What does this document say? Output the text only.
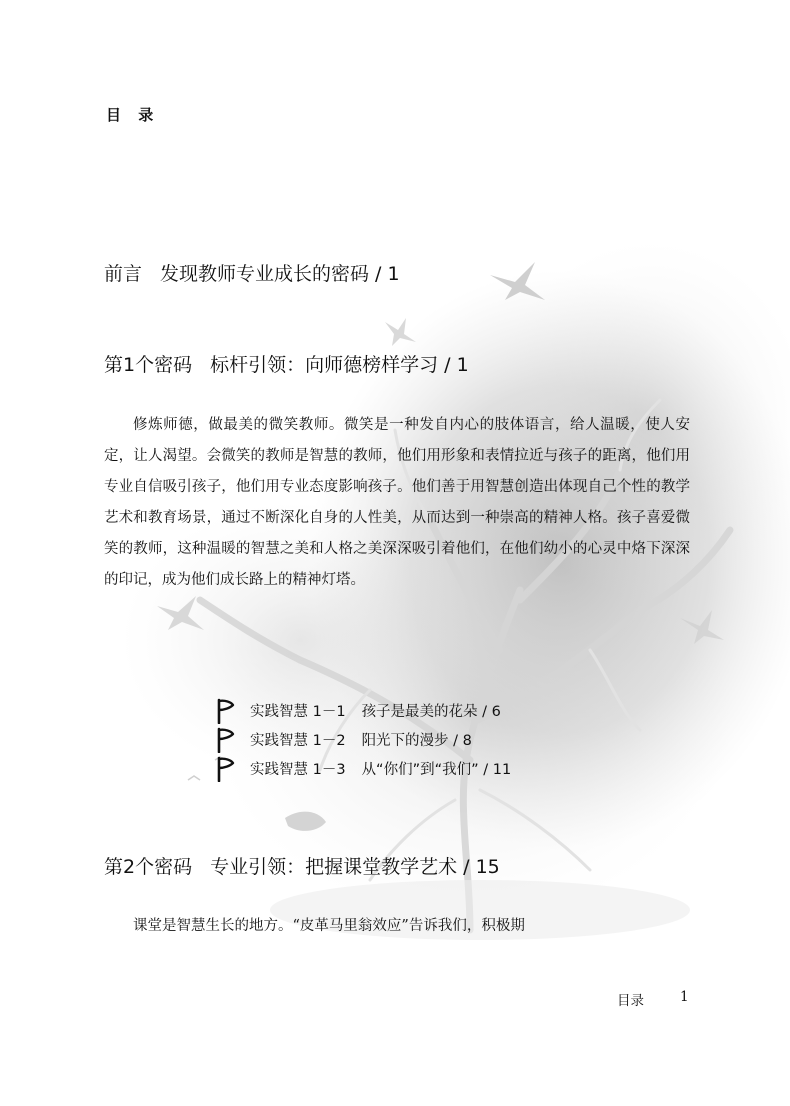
目 录
前言 发现教师专业成长的密码 / 1
第1个密码 标杆引领：向师德榜样学习 / 1

修炼师德，做最美的微笑教师。微笑是一种发自内心的肢体语言，给人温暖，使人安定，让人渴望。会微笑的教师是智慧的教师，他们用形象和表情拉近与孩子的距离，他们用专业自信吸引孩子，他们用专业态度影响孩子。他们善于用智慧创造出体现自己个性的教学艺术和教育场景，通过不断深化自身的人性美，从而达到一种崇高的精神人格。孩子喜爱微笑的教师，这种温暖的智慧之美和人格之美深深吸引着他们，在他们幼小的心灵中烙下深深的印记，成为他们成长路上的精神灯塔。

实践智慧 1－1 孩子是最美的花朵 / 6
实践智慧 1－2 阳光下的漫步 / 8
实践智慧 1－3 从“你们”到“我们” / 11
第2个密码 专业引领：把握课堂教学艺术 / 15

课堂是智慧生长的地方。“皮革马里翁效应”告诉我们，积极期

目录	1
